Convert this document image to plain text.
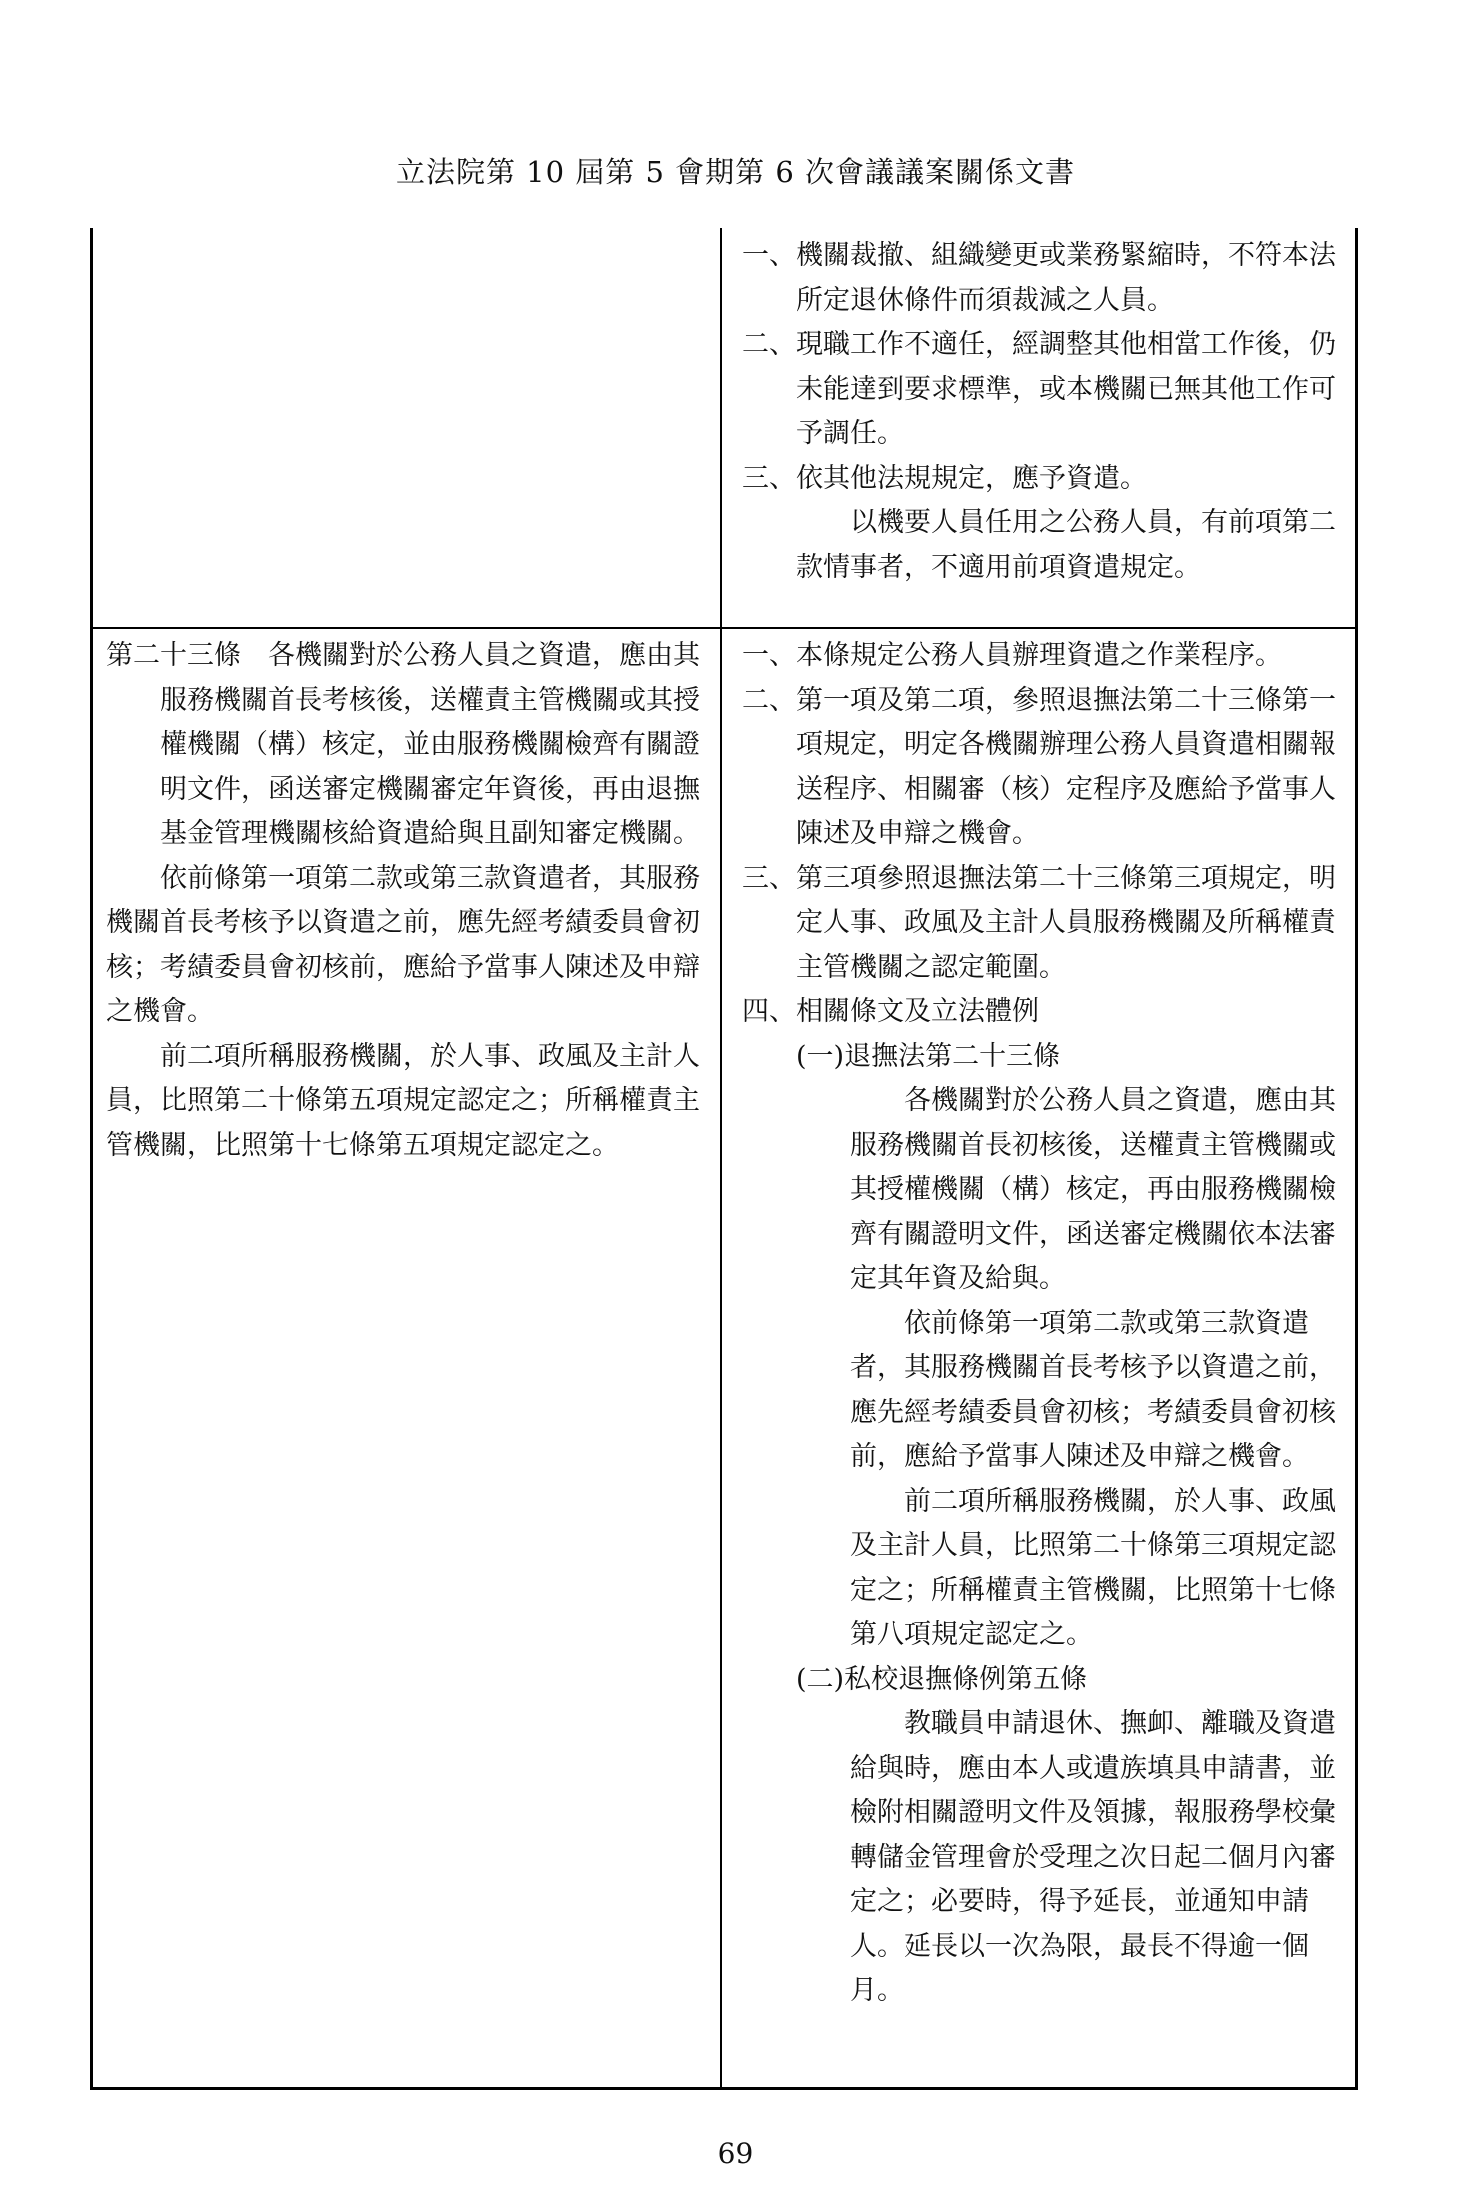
立法院第 10 屆第 5 會期第 6 次會議議案關係文書

一、機關裁撤、組織變更或業務緊縮時，不符本法所定退休條件而須裁減之人員。

二、現職工作不適任，經調整其他相當工作後，仍未能達到要求標準，或本機關已無其他工作可予調任。

三、依其他法規規定，應予資遣。

以機要人員任用之公務人員，有前項第二款情事者，不適用前項資遣規定。

第二十三條　各機關對於公務人員之資遣，應由其服務機關首長考核後，送權責主管機關或其授權機關（構）核定，並由服務機關檢齊有關證明文件，函送審定機關審定年資後，再由退撫基金管理機關核給資遣給與且副知審定機關。

依前條第一項第二款或第三款資遣者，其服務機關首長考核予以資遣之前，應先經考績委員會初核；考績委員會初核前，應給予當事人陳述及申辯之機會。

前二項所稱服務機關，於人事、政風及主計人員，比照第二十條第五項規定認定之；所稱權責主管機關，比照第十七條第五項規定認定之。

一、本條規定公務人員辦理資遣之作業程序。

二、第一項及第二項，參照退撫法第二十三條第一項規定，明定各機關辦理公務人員資遣相關報送程序、相關審（核）定程序及應給予當事人陳述及申辯之機會。

三、第三項參照退撫法第二十三條第三項規定，明定人事、政風及主計人員服務機關及所稱權責主管機關之認定範圍。

四、相關條文及立法體例

(一)退撫法第二十三條

各機關對於公務人員之資遣，應由其服務機關首長初核後，送權責主管機關或其授權機關（構）核定，再由服務機關檢齊有關證明文件，函送審定機關依本法審定其年資及給與。

依前條第一項第二款或第三款資遣者，其服務機關首長考核予以資遣之前，應先經考績委員會初核；考績委員會初核前，應給予當事人陳述及申辯之機會。

前二項所稱服務機關，於人事、政風及主計人員，比照第二十條第三項規定認定之；所稱權責主管機關，比照第十七條第八項規定認定之。

(二)私校退撫條例第五條

教職員申請退休、撫卹、離職及資遣給與時，應由本人或遺族填具申請書，並檢附相關證明文件及領據，報服務學校彙轉儲金管理會於受理之次日起二個月內審定之；必要時，得予延長，並通知申請人。延長以一次為限，最長不得逾一個月。

69
